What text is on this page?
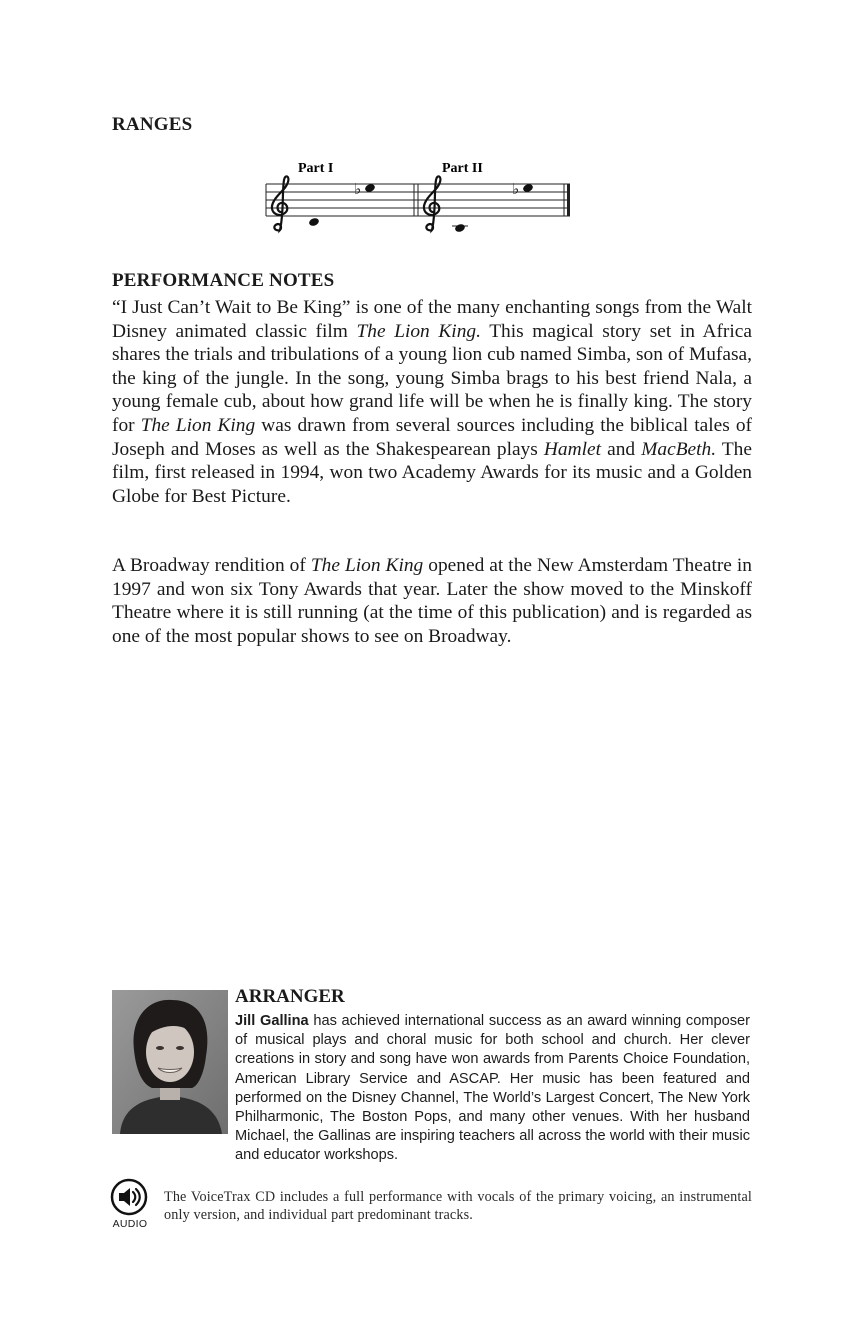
RANGES
Part I	Part II
♭	♭
PERFORMANCE NOTES

“I Just Can’t Wait to Be King” is one of the many enchanting songs from the Walt Disney animated classic film The Lion King. This magical story set in Africa shares the trials and tribulations of a young lion cub named Simba, son of Mufasa, the king of the jungle. In the song, young Simba brags to his best friend Nala, a young female cub, about how grand life will be when he is finally king. The story for The Lion King was drawn from several sources including the biblical tales of Joseph and Moses as well as the Shakespearean plays Hamlet and MacBeth. The film, first released in 1994, won two Academy Awards for its music and a Golden Globe for Best Picture.

A Broadway rendition of The Lion King opened at the New Amsterdam Theatre in 1997 and won six Tony Awards that year. Later the show moved to the Minskoff Theatre where it is still running (at the time of this publication) and is regarded as one of the most popular shows to see on Broadway.

ARRANGER
Jill Gallina has achieved international success as an award winning composer of musical plays and choral music for both school and church. Her clever creations in story and song have won awards from Parents Choice Foundation, American Library Service and ASCAP. Her music has been featured and performed on the Disney Channel, The World’s Largest Concert, The New York Philharmonic, The Boston Pops, and many other venues. With her husband Michael, the Gallinas are inspiring teachers all across the world with their music and educator workshops.
AUDIO
The VoiceTrax CD includes a full performance with vocals of the primary voicing, an instrumental only version, and individual part predominant tracks.
